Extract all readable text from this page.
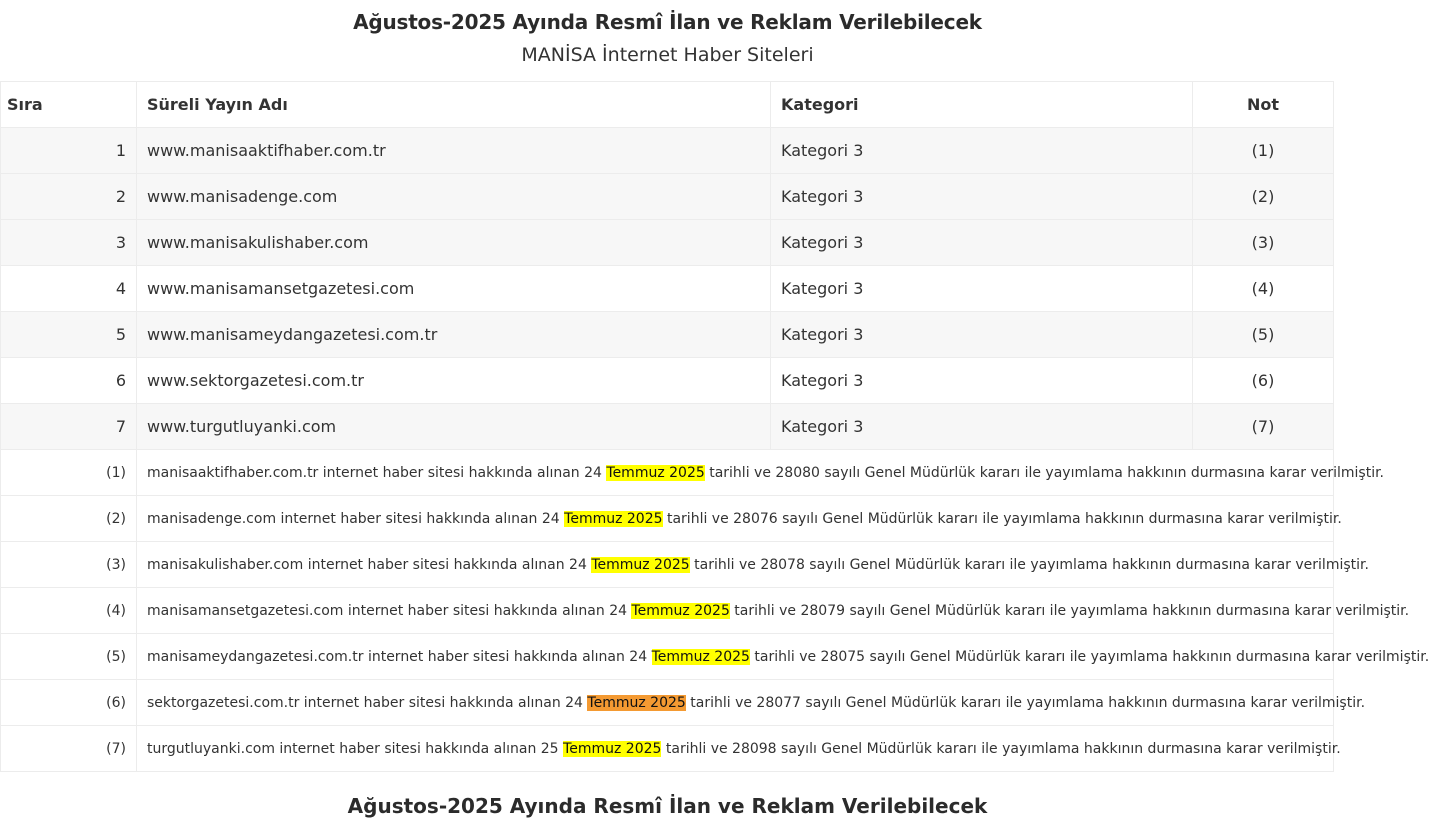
Ağustos-2025 Ayında Resmî İlan ve Reklam Verilebilecek
MANİSA İnternet Haber Siteleri
Sıra	Süreli Yayın Adı	Kategori	Not
1	www.manisaaktifhaber.com.tr	Kategori 3	(1)
2	www.manisadenge.com	Kategori 3	(2)
3	www.manisakulishaber.com	Kategori 3	(3)
4	www.manisamansetgazetesi.com	Kategori 3	(4)
5	www.manisameydangazetesi.com.tr	Kategori 3	(5)
6	www.sektorgazetesi.com.tr	Kategori 3	(6)
7	www.turgutluyanki.com	Kategori 3	(7)
(1)	manisaaktifhaber.com.tr internet haber sitesi hakkında alınan 24 Temmuz 2025 tarihli ve 28080 sayılı Genel Müdürlük kararı ile yayımlama hakkının durmasına karar verilmiştir.		
(2)	manisadenge.com internet haber sitesi hakkında alınan 24 Temmuz 2025 tarihli ve 28076 sayılı Genel Müdürlük kararı ile yayımlama hakkının durmasına karar verilmiştir.		
(3)	manisakulishaber.com internet haber sitesi hakkında alınan 24 Temmuz 2025 tarihli ve 28078 sayılı Genel Müdürlük kararı ile yayımlama hakkının durmasına karar verilmiştir.		
(4)	manisamansetgazetesi.com internet haber sitesi hakkında alınan 24 Temmuz 2025 tarihli ve 28079 sayılı Genel Müdürlük kararı ile yayımlama hakkının durmasına karar verilmiştir.		
(5)	manisameydangazetesi.com.tr internet haber sitesi hakkında alınan 24 Temmuz 2025 tarihli ve 28075 sayılı Genel Müdürlük kararı ile yayımlama hakkının durmasına karar verilmiştir.		
(6)	sektorgazetesi.com.tr internet haber sitesi hakkında alınan 24 Temmuz 2025 tarihli ve 28077 sayılı Genel Müdürlük kararı ile yayımlama hakkının durmasına karar verilmiştir.		
(7)	turgutluyanki.com internet haber sitesi hakkında alınan 25 Temmuz 2025 tarihli ve 28098 sayılı Genel Müdürlük kararı ile yayımlama hakkının durmasına karar verilmiştir.		
Ağustos-2025 Ayında Resmî İlan ve Reklam Verilebilecek
